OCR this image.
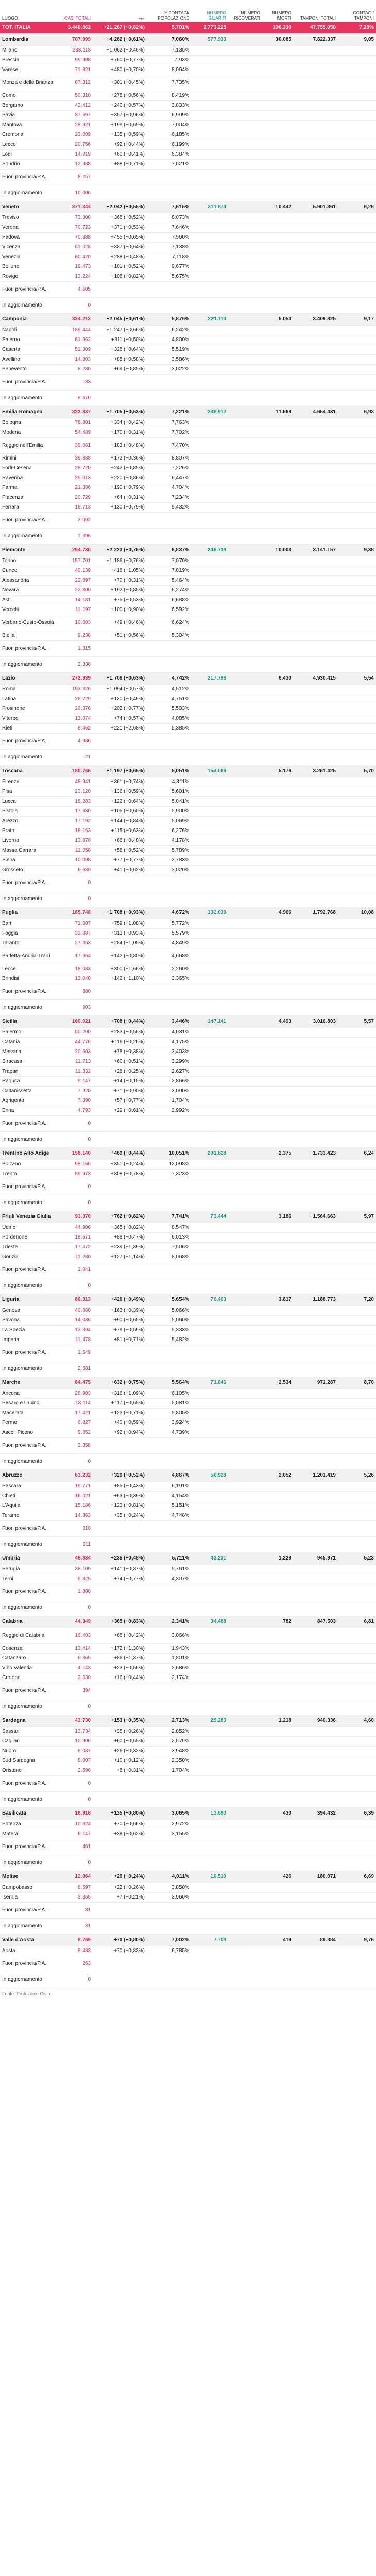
LUOGO	CASI TOTALI	+/−	% CONTAGI/ POPOLAZIONE	NUMERO GUARITI	NUMERO RICOVERATI	NUMERO MORTI	TAMPONI TOTALI	CONTAGI/ TAMPONI
TOT. ITALIA	3.440.862	+21.267 (+0,62%)	5,701%	2.773.225		106.339	47.755.050	7,20%
Lombardia	707.999	+4.282 (+0,61%)	7,060%	577.933		30.085	7.822.337	9,05
Milano	233.118	+1.062 (+0,46%)	7,135%					
Brescia	99.908	+760 (+0,77%)	7,93%					
Varese	71.821	+480 (+0,70%)	8,064%					
Monza e della Brianza	67.312	+301 (+0,45%)	7,735%					
Como	50.310	+278 (+0,56%)	8,419%					
Bergamo	42.412	+240 (+0,57%)	3,833%					
Pavia	37.697	+357 (+0,96%)	6,999%					
Mantova	28.921	+199 (+0,69%)	7,004%					
Cremona	23.009	+135 (+0,59%)	6,185%					
Lecco	20.756	+92 (+0,44%)	6,199%					
Lodi	14.919	+60 (+0,41%)	6,384%					
Sondrio	12.988	+88 (+0,71%)	7,021%					
Fuori provincia/P.A.	8.257							
In aggiornamento	10.006							
Veneto	371.344	+2.042 (+0,55%)	7,615%	311.874		10.442	5.901.361	6,26
Treviso	73.308	+368 (+0,52%)	8,073%					
Verona	70.723	+371 (+0,53%)	7,646%					
Padova	70.388	+455 (+0,65%)	7,560%					
Vicenza	61.028	+387 (+0,64%)	7,138%					
Venezia	60.420	+288 (+0,48%)	7,118%					
Belluno	19.473	+101 (+0,52%)	9,677%					
Rovigo	13.224	+108 (+0,82%)	5,675%					
Fuori provincia/P.A.	4.605							
In aggiornamento	0							
Campania	334.213	+2.045 (+0,61%)	5,876%	221.110		5.054	3.409.825	9,17
Napoli	189.444	+1.247 (+0,66%)	6,242%					
Salerno	61.962	+311 (+0,50%)	4,800%					
Caserta	51.309	+328 (+0,64%)	5,519%					
Avellino	14.803	+85 (+0,58%)	3,586%					
Benevento	8.230	+69 (+0,85%)	3,022%					
Fuori provincia/P.A.	133							
In aggiornamento	8.470							
Emilia-Romagna	322.337	+1.705 (+0,53%)	7,221%	238.912		11.669	4.654.431	6,93
Bologna	78.801	+334 (+0,42%)	7,763%					
Modena	54.489	+170 (+0,31%)	7,702%					
Reggio nell'Emilia	39.061	+183 (+0,48%)	7,470%					
Rimini	39.888	+172 (+0,36%)	8,807%					
Forlì-Cesena	28.720	+242 (+0,85%)	7,226%					
Ravenna	29.013	+220 (+0,86%)	6,447%					
Parma	21.386	+190 (+0,79%)	4,704%					
Piacenza	20.729	+64 (+0,31%)	7,234%					
Ferrara	16.713	+130 (+0,79%)	5,432%					
Fuori provincia/P.A.	3.092							
In aggiornamento	1.396							
Piemonte	294.730	+2.223 (+0,76%)	6,837%	249.738		10.003	3.141.157	9,38
Torino	157.701	+1.186 (+0,76%)	7,070%					
Cuneo	40.139	+418 (+1,05%)	7,019%					
Alessandria	22.897	+70 (+0,31%)	5,464%					
Novara	22.800	+192 (+0,85%)	6,274%					
Asti	14.181	+75 (+0,53%)	6,688%					
Vercelli	11.197	+100 (+0,90%)	6,592%					
Verbano-Cusio-Ossola	10.603	+49 (+0,46%)	6,624%					
Biella	9.238	+51 (+0,56%)	5,304%					
Fuori provincia/P.A.	1.315							
In aggiornamento	2.330							
Lazio	272.939	+1.708 (+0,63%)	4,742%	217.796		6.430	4.930.415	5,54
Roma	193.326	+1.094 (+0,57%)	4,512%					
Latina	26.729	+130 (+0,49%)	4,751%					
Frosinone	26.376	+202 (+0,77%)	5,503%					
Viterbo	13.074	+74 (+0,57%)	4,085%					
Rieti	8.462	+221 (+2,68%)	5,385%					
Fuori provincia/P.A.	4.986							
In aggiornamento	21							
Toscana	180.765	+1.197 (+0,65%)	5,051%	154.066		5.176	3.261.425	5,70
Firenze	48.941	+361 (+0,74%)	4,811%					
Pisa	23.120	+136 (+0,59%)	5,601%					
Lucca	18.283	+122 (+0,64%)	5,041%					
Pistoia	17.680	+105 (+0,60%)	5,900%					
Arezzo	17.192	+144 (+0,84%)	5,069%					
Prato	18.163	+115 (+0,63%)	6,276%					
Livorno	13.870	+66 (+0,48%)	4,178%					
Massa Carrara	11.058	+58 (+0,52%)	5,789%					
Siena	10.098	+77 (+0,77%)	3,783%					
Grosseto	6.630	+41 (+0,62%)	3,020%					
Fuori provincia/P.A.	0							
In aggiornamento	0							
Puglia	185.748	+1.708 (+0,93%)	4,672%	132.030		4.966	1.792.768	10,08
Bari	71.007	+759 (+1,08%)	5,772%					
Foggia	33.887	+313 (+0,93%)	5,579%					
Taranto	27.353	+284 (+1,05%)	4,849%					
Barletta-Andria-Trani	17.964	+142 (+0,80%)	4,668%					
Lecce	18.083	+300 (+1,66%)	2,260%					
Brindisi	13.040	+142 (+1,10%)	3,365%					
Fuori provincia/P.A.	880							
In aggiornamento	903							
Sicilia	160.021	+708 (+0,44%)	3,446%	147.141		4.493	3.016.803	5,57
Palermo	50.200	+283 (+0,56%)	4,031%					
Catania	44.776	+116 (+0,26%)	4,175%					
Messina	20.603	+78 (+0,38%)	3,403%					
Siracusa	11.713	+60 (+0,51%)	3,299%					
Trapani	11.332	+28 (+0,25%)	2,627%					
Ragusa	9.147	+14 (+0,15%)	2,866%					
Caltanissetta	7.920	+71 (+0,90%)	3,090%					
Agrigento	7.390	+57 (+0,77%)	1,704%					
Enna	4.793	+29 (+0,61%)	2,992%					
Fuori provincia/P.A.	0							
In aggiornamento	0							
Trentino Alto Adige	158.140	+469 (+0,44%)	10,051%	201.828		2.375	1.733.423	6,24
Bolzano	98.166	+351 (+0,24%)	12,098%					
Trento	59.973	+308 (+0,78%)	7,323%					
Fuori provincia/P.A.	0							
In aggiornamento	0							
Friuli Venezia Giulia	93.370	+762 (+0,82%)	7,741%	73.444		3.186	1.564.663	5,97
Udine	44.906	+365 (+0,82%)	8,547%					
Pordenone	18.671	+88 (+0,47%)	6,013%					
Trieste	17.472	+239 (+1,39%)	7,506%					
Gorizia	11.280	+127 (+1,14%)	8,068%					
Fuori provincia/P.A.	1.041							
In aggiornamento	0							
Liguria	86.313	+420 (+0,49%)	5,654%	76.403		3.817	1.188.773	7,20
Genova	40.860	+163 (+0,39%)	5,066%					
Savona	14.036	+90 (+0,65%)	5,060%					
La Spezia	13.394	+79 (+0,59%)	5,333%					
Imperia	11.478	+81 (+0,71%)	5,482%					
Fuori provincia/P.A.	1.549							
In aggiornamento	2.581							
Marche	84.475	+632 (+0,75%)	5,564%	71.846		2.534	971.287	8,70
Ancona	28.903	+316 (+1,09%)	6,105%					
Pesaro e Urbino	18.114	+117 (+0,65%)	5,081%					
Macerata	17.421	+123 (+0,71%)	5,805%					
Fermo	6.827	+40 (+0,59%)	3,924%					
Ascoli Piceno	9.852	+92 (+0,94%)	4,739%					
Fuori provincia/P.A.	3.358							
In aggiornamento	0							
Abruzzo	63.232	+329 (+0,52%)	4,867%	50.928		2.052	1.201.419	5,26
Pescara	19.771	+85 (+0,43%)	6,191%					
Chieti	16.021	+63 (+0,39%)	4,154%					
L'Aquila	15.186	+123 (+0,81%)	5,151%					
Teramo	14.863	+35 (+0,24%)	4,748%					
Fuori provincia/P.A.	310							
In aggiornamento	211							
Umbria	49.834	+235 (+0,48%)	5,711%	43.231		1.229	945.971	5,23
Perugia	38.109	+141 (+0,37%)	5,761%					
Terni	9.825	+74 (+0,77%)	4,307%					
Fuori provincia/P.A.	1.880							
In aggiornamento	0							
Calabria	44.349	+365 (+0,83%)	2,341%	34.488		782	847.503	6,81
Reggio di Calabria	16.403	+68 (+0,42%)	3,066%					
Cosenza	13.414	+172 (+1,30%)	1,943%					
Catanzaro	6.365	+86 (+1,37%)	1,801%					
Vibo Valentia	4.143	+23 (+0,56%)	2,686%					
Crotone	3.630	+16 (+0,44%)	2,174%					
Fuori provincia/P.A.	394							
In aggiornamento	0							
Sardegna	43.730	+153 (+0,35%)	2,713%	29.283		1.218	940.336	4,60
Sassari	13.734	+35 (+0,26%)	2,852%					
Cagliari	10.906	+60 (+0,55%)	2,579%					
Nuoro	8.087	+26 (+0,32%)	3,948%					
Sud Sardegna	8.007	+10 (+0,12%)	2,350%					
Oristano	2.596	+8 (+0,31%)	1,704%					
Fuori provincia/P.A.	0							
In aggiornamento	0							
Basilicata	16.918	+135 (+0,80%)	3,065%	13.690		430	394.432	6,39
Potenza	10.624	+70 (+0,66%)	2,972%					
Matera	6.147	+38 (+0,62%)	3,155%					
Fuori provincia/P.A.	461							
In aggiornamento	0							
Molise	12.064	+29 (+0,24%)	4,011%	10.510		426	180.071	6,69
Campobasso	8.597	+22 (+0,26%)	3,850%					
Isernia	3.355	+7 (+0,21%)	3,960%					
Fuori provincia/P.A.	81							
In aggiornamento	31							
Valle d'Aosta	8.769	+70 (+0,80%)	7,002%	7.708		419	89.884	9,76
Aosta	8.483	+70 (+0,83%)	6,785%					
Fuori provincia/P.A.	263							
In aggiornamento	0							
Fonte: Protezione Civile
